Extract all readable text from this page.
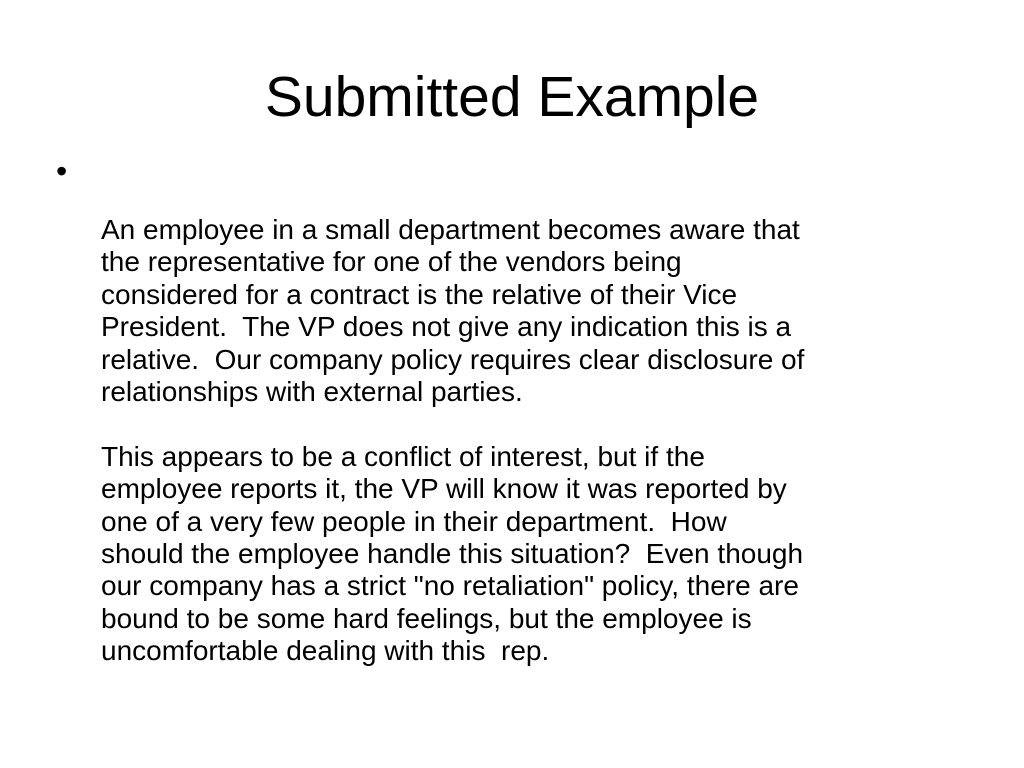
Submitted Example
•

An employee in a small department becomes aware that
the representative for one of the vendors being
considered for a contract is the relative of their Vice
President.  The VP does not give any indication this is a
relative.  Our company policy requires clear disclosure of
relationships with external parties.

This appears to be a conflict of interest, but if the
employee reports it, the VP will know it was reported by
one of a very few people in their department.  How
should the employee handle this situation?  Even though
our company has a strict "no retaliation" policy, there are
bound to be some hard feelings, but the employee is
uncomfortable dealing with this  rep.
